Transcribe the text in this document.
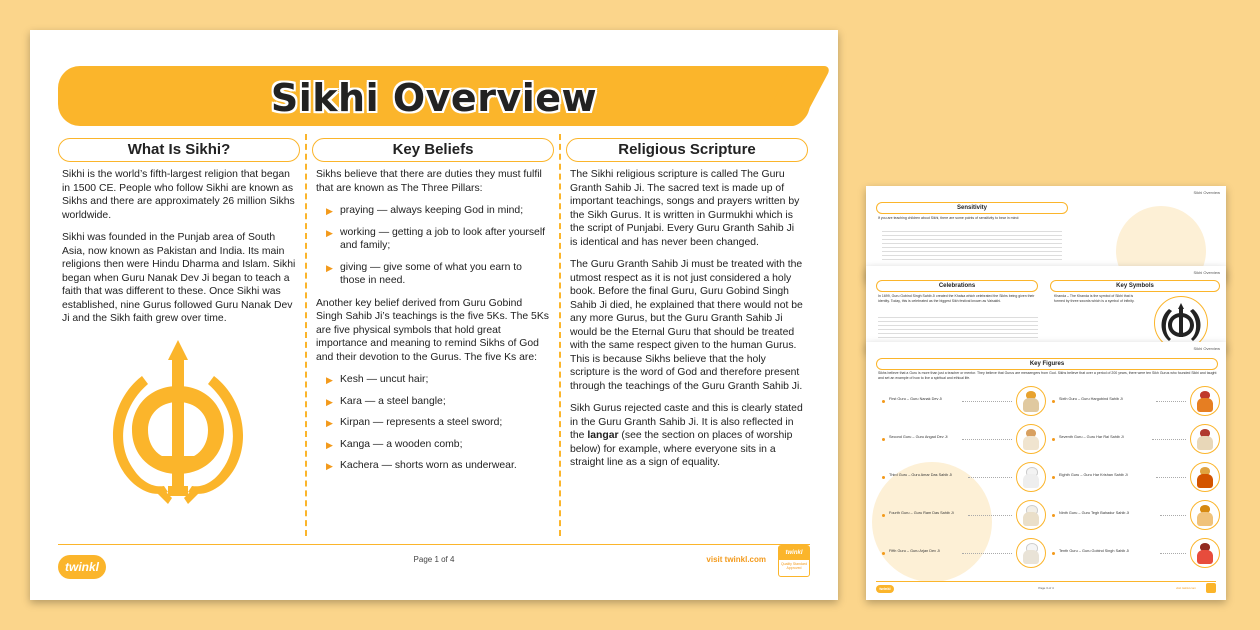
Sikhi Overview
What Is Sikhi?

Sikhi is the world’s fifth-largest religion that began in 1500 CE. People who follow Sikhi are known as Sikhs and there are approximately 26 million Sikhs worldwide.

Sikhi was founded in the Punjab area of South Asia, now known as Pakistan and India. Its main religions then were Hindu Dharma and Islam. Sikhi began when Guru Nanak Dev Ji began to teach a faith that was different to these. Once Sikhi was established, nine Gurus followed Guru Nanak Dev Ji and the Sikh faith grew over time.

Key Beliefs

Sikhs believe that there are duties they must fulfil that are known as The Three Pillars:

▶ praying — always keeping God in mind;
▶ working — getting a job to look after yourself and family;
▶ giving — give some of what you earn to those in need.

Another key belief derived from Guru Gobind Singh Sahib Ji’s teachings is the five 5Ks. The 5Ks are five physical symbols that hold great importance and meaning to remind Sikhs of God and their devotion to the Gurus. The five Ks are:

▶ Kesh — uncut hair;
▶ Kara — a steel bangle;
▶ Kirpan — represents a steel sword;
▶ Kanga — a wooden comb;
▶ Kachera — shorts worn as underwear.
Religious Scripture

The Sikhi religious scripture is called The Guru Granth Sahib Ji. The sacred text is made up of important teachings, songs and prayers written by the Sikh Gurus. It is written in Gurmukhi which is the script of Punjabi. Every Guru Granth Sahib Ji is identical and has never been changed.

The Guru Granth Sahib Ji must be treated with the utmost respect as it is not just considered a holy book. Before the final Guru, Guru Gobind Singh Sahib Ji died, he explained that there would not be any more Gurus, but the Guru Granth Sahib Ji would be the Eternal Guru that should be treated with the same respect given to the human Gurus. This is because Sikhs believe that the holy scripture is the word of God and therefore present through the teachings of the Guru Granth Sahib Ji.

Sikh Gurus rejected caste and this is clearly stated in the Guru Granth Sahib Ji. It is also reflected in the langar (see the section on places of worship below) for example, where everyone sits in a straight line as a sign of equality.

twinkl
Page 1 of 4	visit twinkl.com
twinkl
Quality Standard Approved
Sikhi Overview
Sensitivity
If you are teaching children about Sikhi, there are some points of sensitivity to bear in mind:
Sikhi Overview
Celebrations	Key Symbols
In 1699, Guru Gobind Singh Sahib Ji created the Khalsa which celebrated the Sikhs being given their identity. Today, this is celebrated as the biggest Sikh festival known as Vaisakhi.
Khanda – The Khanda is the symbol of Sikhi that is formed by three swords which is a symbol of infinity.
Sikhi Overview
Key Figures
Sikhs believe that a Guru is more than just a teacher or mentor. They believe that Gurus are messengers from God. Sikhs believe that over a period of 200 years, there were ten Sikh Gurus who founded Sikhi and taught and set an example of how to live a spiritual and ethical life.
First Guru – Guru Nanak Dev Ji
Second Guru – Guru Angad Dev Ji
Third Guru – Guru Amar Das Sahib Ji
Fourth Guru – Guru Ram Das Sahib Ji
Fifth Guru – Guru Arjan Dev Ji
Sixth Guru – Guru Hargobind Sahib Ji
Seventh Guru – Guru Har Rai Sahib Ji
Eighth Guru – Guru Har Krishan Sahib Ji
Ninth Guru – Guru Tegh Bahadur Sahib Ji
Tenth Guru – Guru Gobind Singh Sahib Ji
twinkl	Page 3 of 4	visit twinkl.com
